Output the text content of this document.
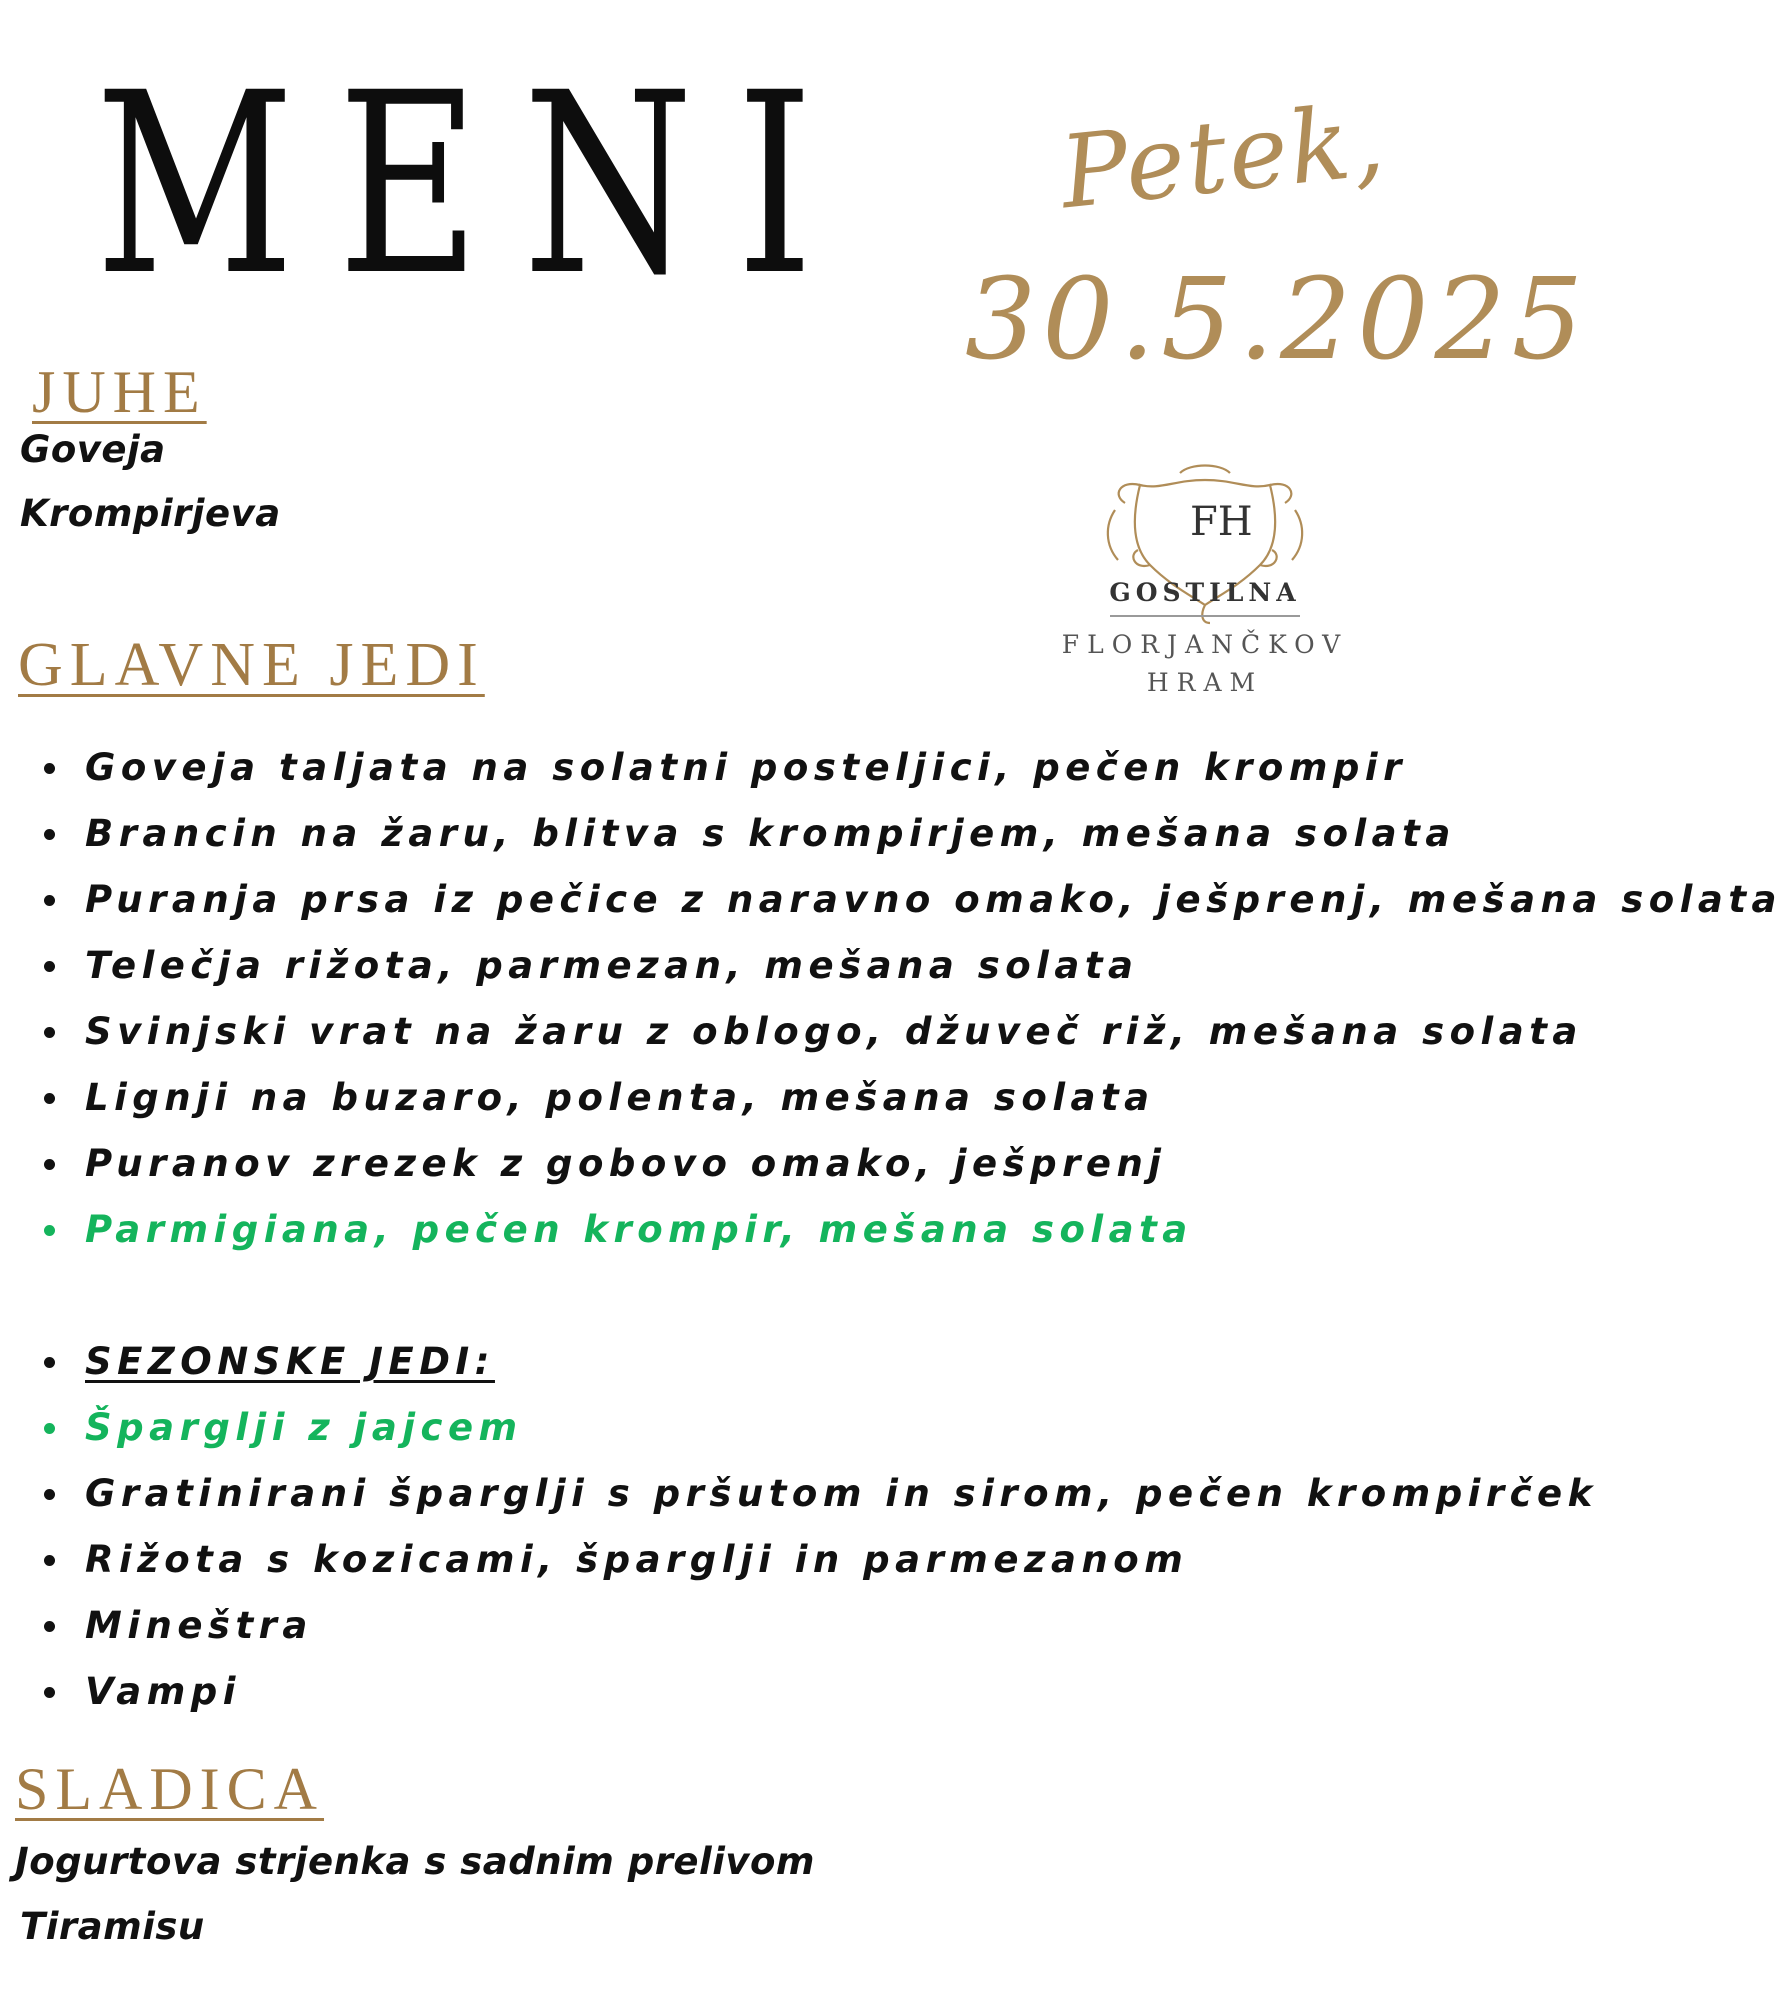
MENI Petek,
30.5.2025
FH
GOSTILNA
FLORJANČKOV
HRAM
JUHE
Goveja
Krompirjeva
GLAVNE JEDI
Goveja taljata na solatni posteljici, pečen krompir
Brancin na žaru, blitva s krompirjem, mešana solata
Puranja prsa iz pečice z naravno omako, ješprenj, mešana solata
Telečja rižota, parmezan, mešana solata
Svinjski vrat na žaru z oblogo, džuveč riž, mešana solata
Lignji na buzaro, polenta, mešana solata
Puranov zrezek z gobovo omako, ješprenj
Parmigiana, pečen krompir, mešana solata
SEZONSKE JEDI:
Šparglji z jajcem
Gratinirani šparglji s pršutom in sirom, pečen krompirček
Rižota s kozicami, šparglji in parmezanom
Mineštra
Vampi
SLADICA
Jogurtova strjenka s sadnim prelivom
Tiramisu
